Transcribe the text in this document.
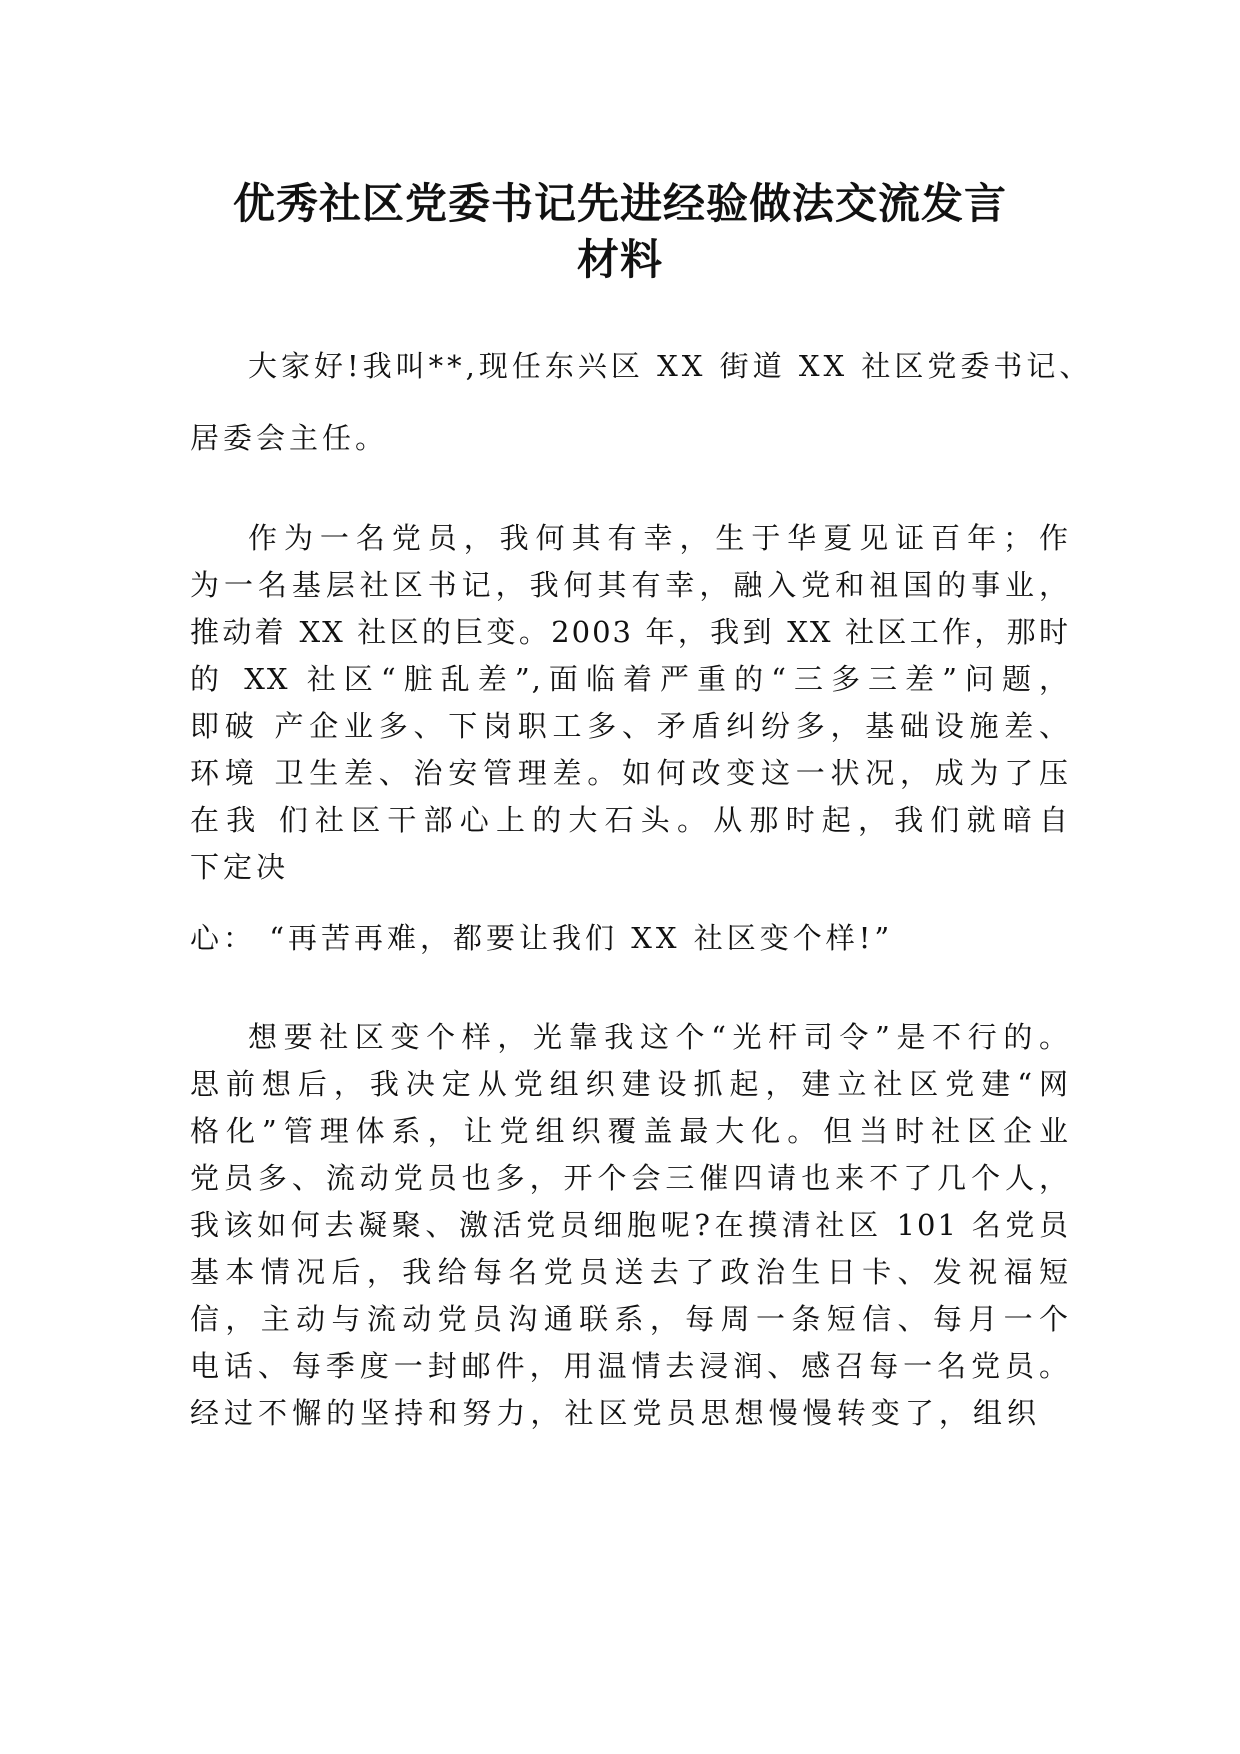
优秀社区党委书记先进经验做法交流发言
材料

大家好!我叫**,现任东兴区 XX 街道 XX 社区党委书记、

居委会主任。

作为一名党员，我何其有幸，生于华夏见证百年；作

为一名基层社区书记，我何其有幸，融入党和祖国的事业，

推动着 XX 社区的巨变。2003 年，我到 XX 社区工作，那时

的 XX 社区“脏乱差”,面临着严重的“三多三差”问题，

即破 产企业多、下岗职工多、矛盾纠纷多，基础设施差、

环境 卫生差、治安管理差。如何改变这一状况，成为了压

在我 们社区干部心上的大石头。从那时起，我们就暗自

下定决

心： “再苦再难，都要让我们 XX 社区变个样!”

想要社区变个样，光靠我这个“光杆司令”是不行的。

思前想后，我决定从党组织建设抓起，建立社区党建“网

格化”管理体系，让党组织覆盖最大化。但当时社区企业

党员多、流动党员也多，开个会三催四请也来不了几个人，

我该如何去凝聚、激活党员细胞呢?在摸清社区 101 名党员

基本情况后，我给每名党员送去了政治生日卡、发祝福短

信，主动与流动党员沟通联系，每周一条短信、每月一个

电话、每季度一封邮件，用温情去浸润、感召每一名党员。

经过不懈的坚持和努力，社区党员思想慢慢转变了，组织
